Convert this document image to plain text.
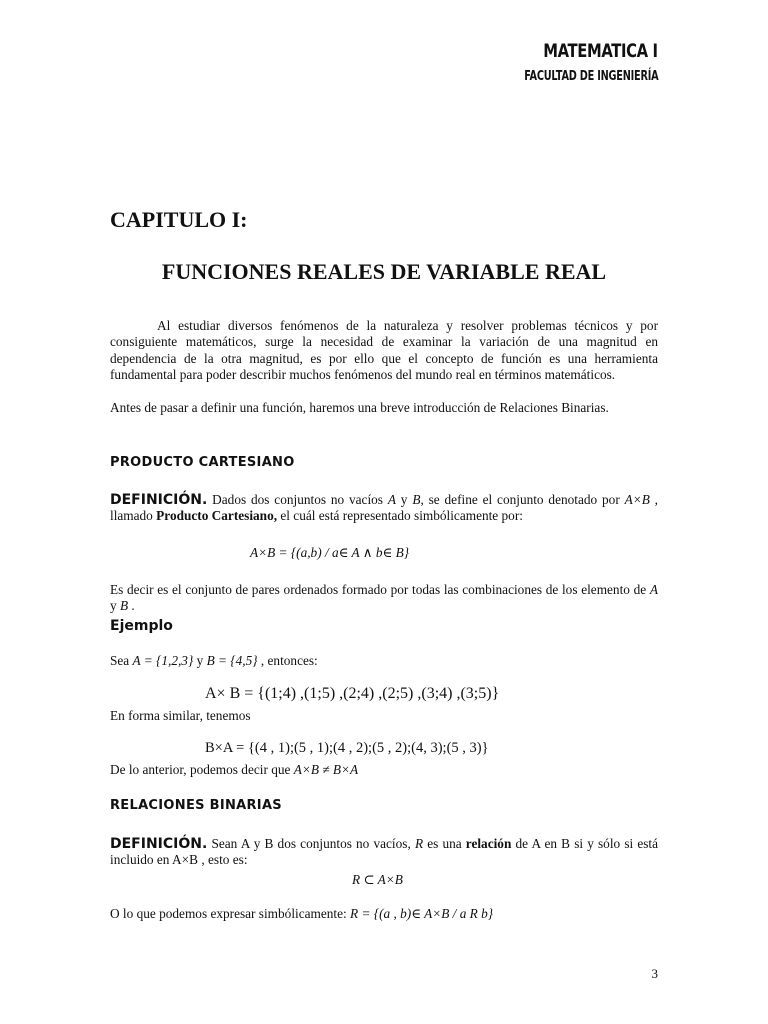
MATEMATICA I
FACULTAD DE INGENIERÍA
CAPITULO I:
FUNCIONES REALES DE VARIABLE REAL
Al estudiar diversos fenómenos de la naturaleza y resolver problemas técnicos y por consiguiente matemáticos, surge la necesidad de examinar la variación de una magnitud en dependencia de la otra magnitud, es por ello que el concepto de función es una herramienta fundamental para poder describir muchos fenómenos del mundo real en términos matemáticos.
Antes de pasar a definir una función, haremos una breve introducción de Relaciones Binarias.
PRODUCTO CARTESIANO
DEFINICIÓN. Dados dos conjuntos no vacíos A y B, se define el conjunto denotado por A×B , llamado Producto Cartesiano, el cuál está representado simbólicamente por:
A×B = {(a,b) / a∈ A ∧ b∈ B}
Es decir es el conjunto de pares ordenados formado por todas las combinaciones de los elemento de A y B .
Ejemplo
Sea A = {1,2,3} y B = {4,5} , entonces:
A× B = {(1;4) ,(1;5) ,(2;4) ,(2;5) ,(3;4) ,(3;5)}
En forma similar, tenemos
B×A = {(4 , 1);(5 , 1);(4 , 2);(5 , 2);(4, 3);(5 , 3)}
De lo anterior, podemos decir que A×B ≠ B×A
RELACIONES BINARIAS
DEFINICIÓN. Sean A y B dos conjuntos no vacíos, R es una relación de A en B si y sólo si está incluido en A×B , esto es:
R ⊂ A×B
O lo que podemos expresar simbólicamente: R = {(a , b)∈ A×B / a R b}
3
